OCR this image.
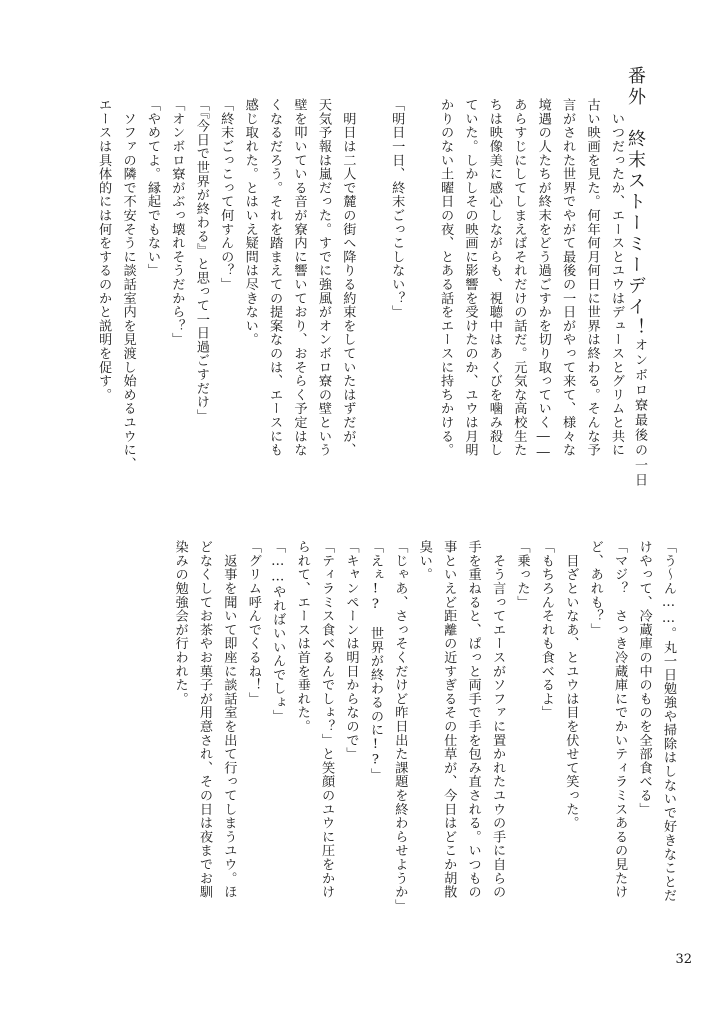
番外　終末ストーミーデイ！
オンボロ寮最後の一日

　いつだったか、エースとユウはデュースとグリムと共に

古い映画を見た。何年何月何日に世界は終わる。そんな予

言がされた世界でやがて最後の一日がやって来て、様々な

境遇の人たちが終末をどう過ごすかを切り取っていく――

あらすじにしてしまえばそれだけの話だ。元気な高校生た

ちは映像美に感心しながらも、視聴中はあくびを噛み殺し

ていた。しかしその映画に影響を受けたのか、ユウは月明

かりのない土曜日の夜、とある話をエースに持ちかける。

「明日一日、終末ごっこしない？」

　明日は二人で麓の街へ降りる約束をしていたはずだが、

天気予報は嵐だった。すでに強風がオンボロ寮の壁という

壁を叩いている音が寮内に響いており、おそらく予定はな

くなるだろう。それを踏まえての提案なのは、エースにも

感じ取れた。とはいえ疑問は尽きない。

「終末ごっこって何すんの？」

「『今日で世界が終わる』と思って一日過ごすだけ」

「オンボロ寮がぶっ壊れそうだから？」

「やめてよ。縁起でもない」

　ソファの隣で不安そうに談話室内を見渡し始めるユウに、

エースは具体的には何をするのかと説明を促す。

「う～ん……。丸一日勉強や掃除はしないで好きなことだ

けやって、冷蔵庫の中のものを全部食べる」

「マジ？　さっき冷蔵庫にでかいティラミスあるの見たけ

ど、あれも？」

　目ざといなあ、とユウは目を伏せて笑った。

「もちろんそれも食べるよ」

「乗った」

　そう言ってエースがソファに置かれたユウの手に自らの

手を重ねると、ぱっと両手で手を包み直される。いつもの

事といえど距離の近すぎるその仕草が、今日はどこか胡散

臭い。

「じゃあ、さっそくだけど昨日出た課題を終わらせようか」

「えぇ!?　世界が終わるのに!?」

「キャンペーンは明日からなので」

「ティラミス食べるんでしょ？」と笑顔のユウに圧をかけ

られて、エースは首を垂れた。

「……やればいいんでしょ」

「グリム呼んでくるね！」

　返事を聞いて即座に談話室を出て行ってしまうユウ。ほ

どなくしてお茶やお菓子が用意され、その日は夜までお馴

染みの勉強会が行われた。

32
